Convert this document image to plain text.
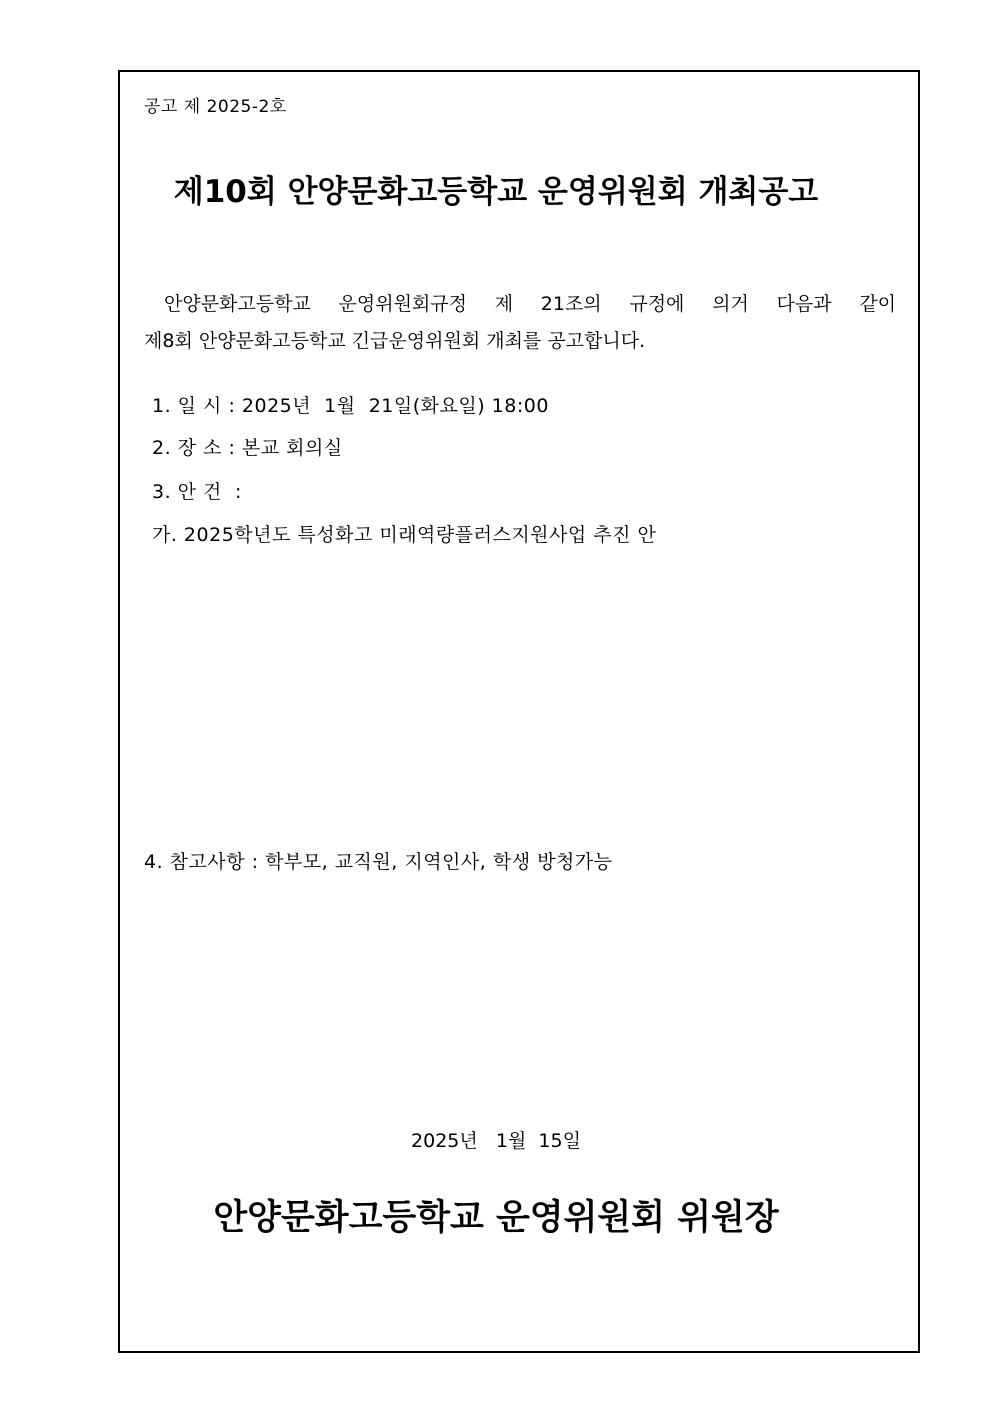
공고 제 2025-2호
제10회 안양문화고등학교 운영위원회 개최공고
안양문화고등학교 운영위원회규정 제 21조의 규정에 의거 다음과 같이
제8회 안양문화고등학교 긴급운영위원회 개최를 공고합니다.
1. 일 시 : 2025년  1월  21일(화요일) 18:00
2. 장 소 : 본교 회의실
3. 안 건  :
가. 2025학년도 특성화고 미래역량플러스지원사업 추진 안
4. 참고사항 : 학부모, 교직원, 지역인사, 학생 방청가능
2025년   1월  15일
안양문화고등학교 운영위원회 위원장
